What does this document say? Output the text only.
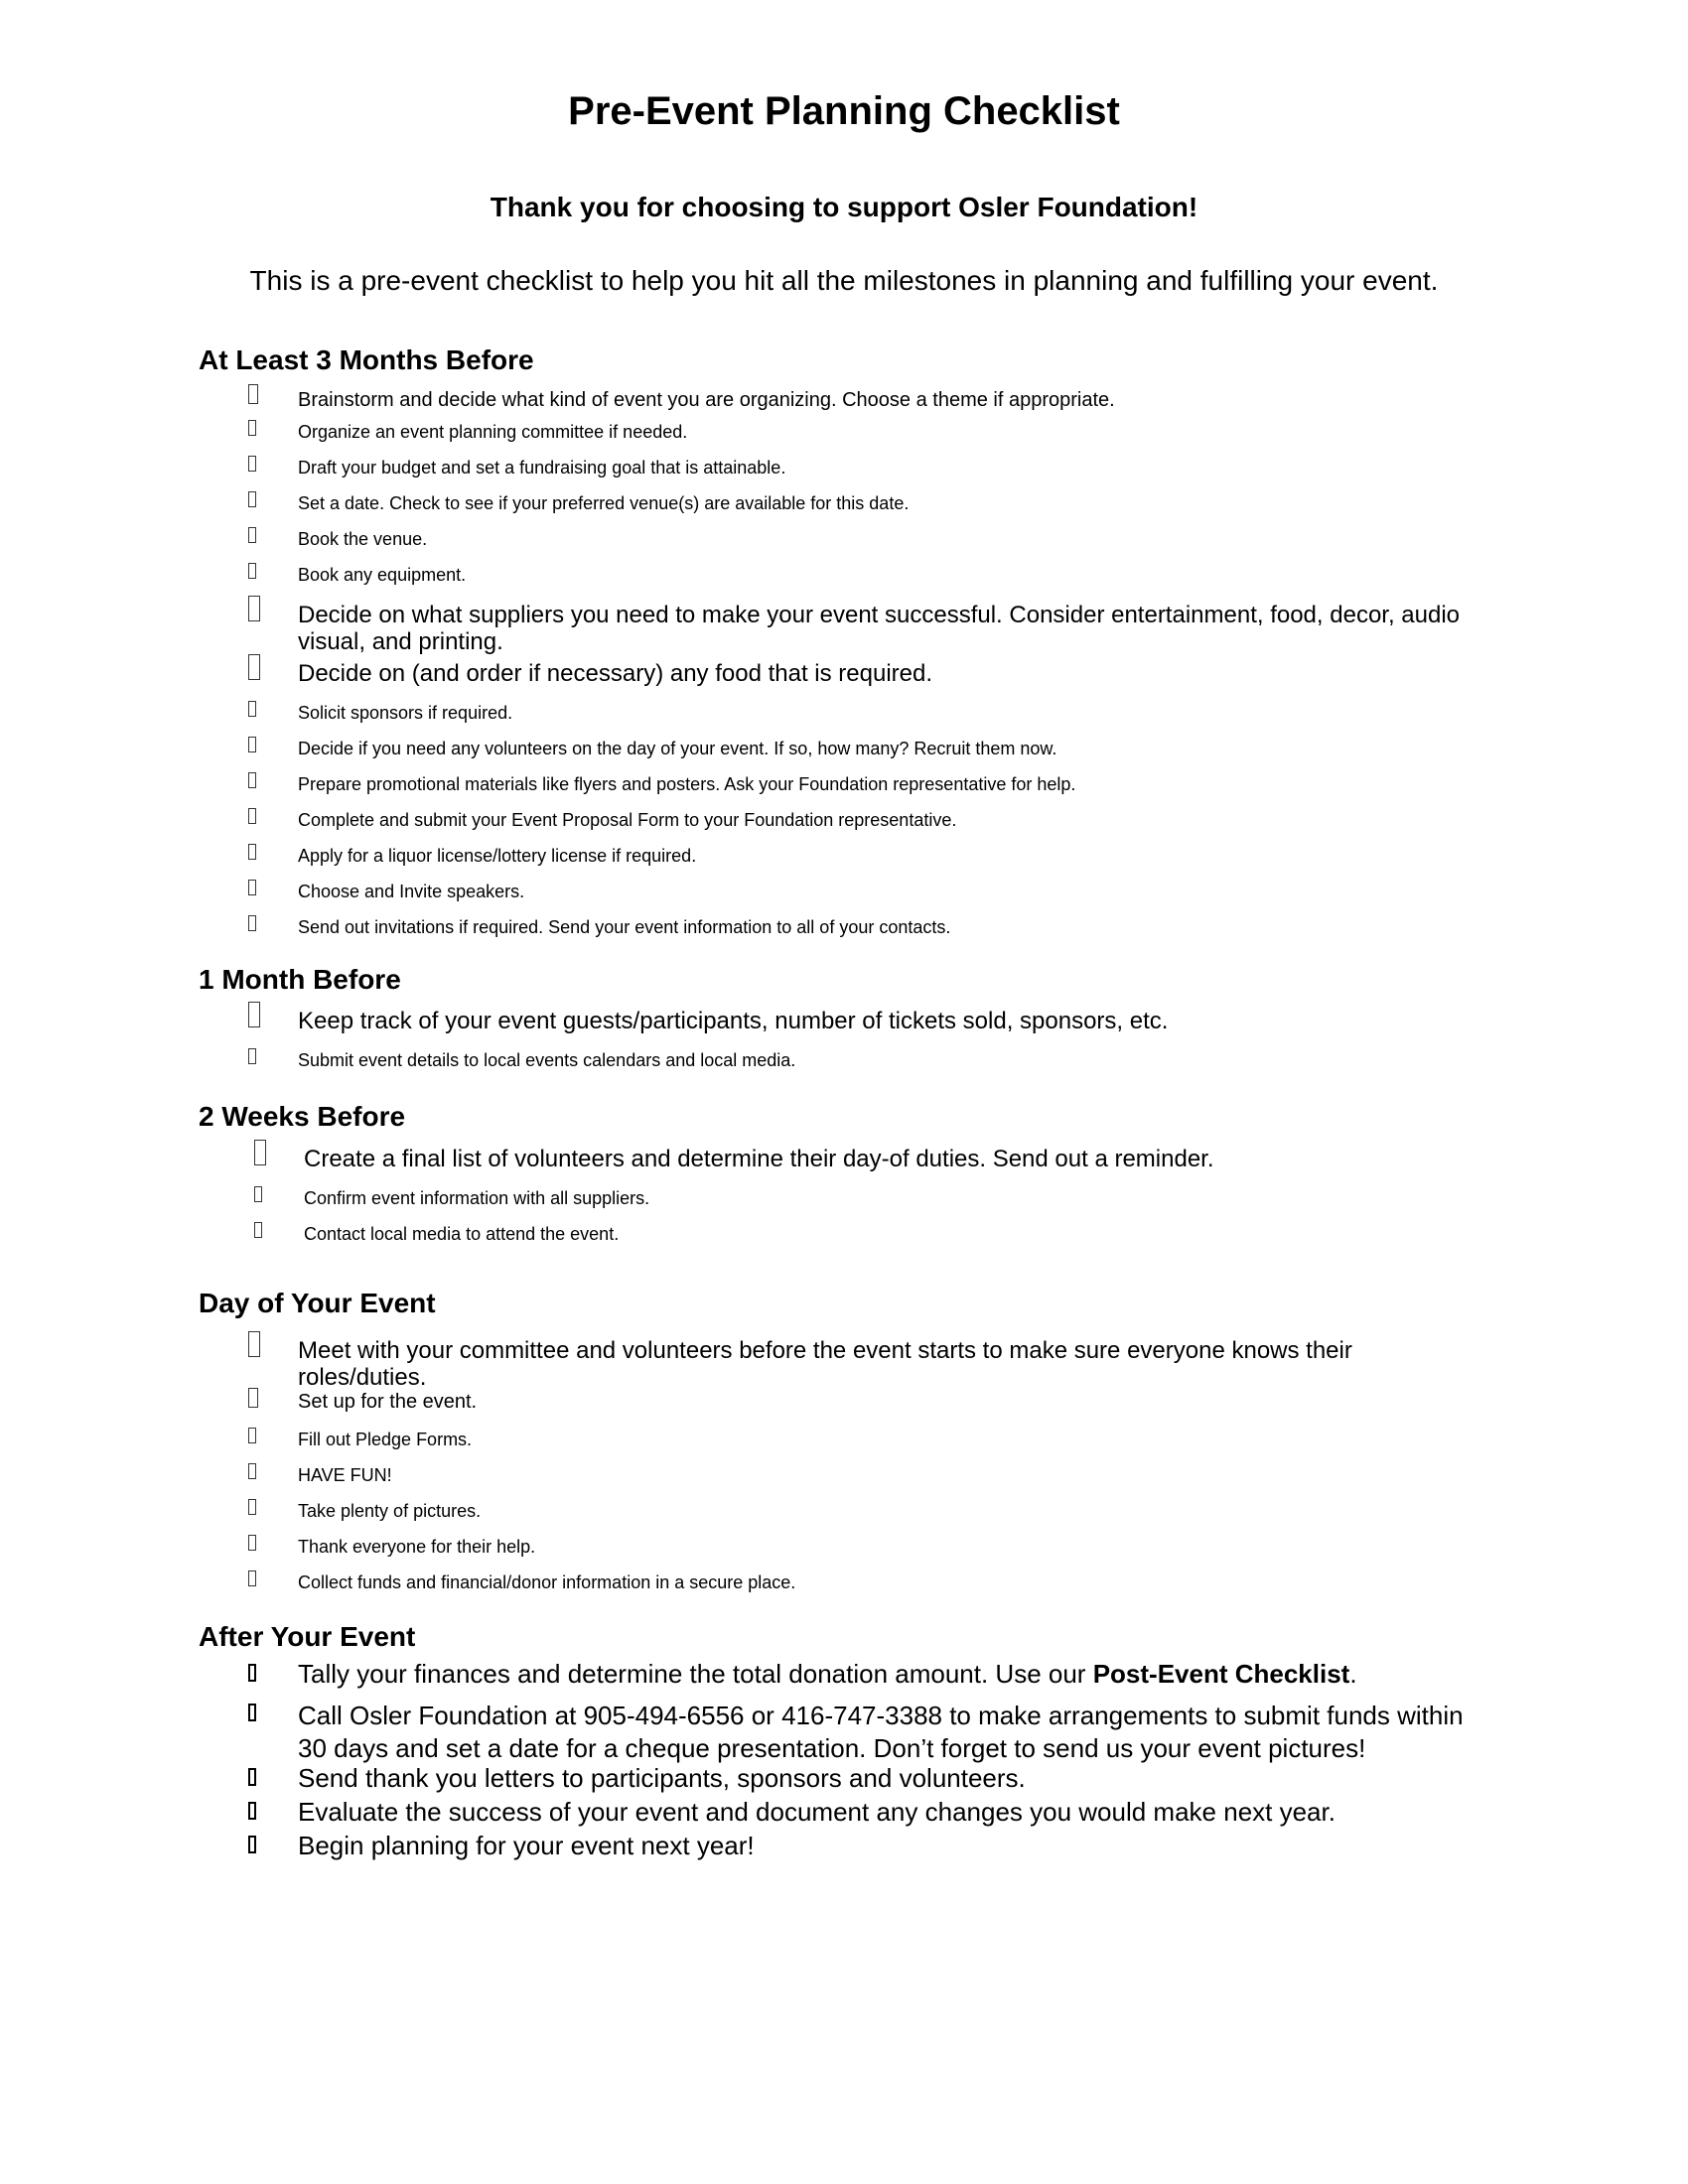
Pre-Event Planning Checklist

Thank you for choosing to support Osler Foundation!

This is a pre-event checklist to help you hit all the milestones in planning and fulfilling your event.

At Least 3 Months Before
Brainstorm and decide what kind of event you are organizing. Choose a theme if appropriate.
Organize an event planning committee if needed.
Draft your budget and set a fundraising goal that is attainable.
Set a date. Check to see if your preferred venue(s) are available for this date.
Book the venue.
Book any equipment.
Decide on what suppliers you need to make your event successful. Consider entertainment, food, decor, audio visual, and printing.
Decide on (and order if necessary) any food that is required.
Solicit sponsors if required.
Decide if you need any volunteers on the day of your event. If so, how many? Recruit them now.
Prepare promotional materials like flyers and posters. Ask your Foundation representative for help.
Complete and submit your Event Proposal Form to your Foundation representative.
Apply for a liquor license/lottery license if required.
Choose and Invite speakers.
Send out invitations if required. Send your event information to all of your contacts.
1 Month Before
Keep track of your event guests/participants, number of tickets sold, sponsors, etc.
Submit event details to local events calendars and local media.
2 Weeks Before
Create a final list of volunteers and determine their day-of duties. Send out a reminder.
Confirm event information with all suppliers.
Contact local media to attend the event.
Day of Your Event
Meet with your committee and volunteers before the event starts to make sure everyone knows their roles/duties.
Set up for the event.
Fill out Pledge Forms.
HAVE FUN!
Take plenty of pictures.
Thank everyone for their help.
Collect funds and financial/donor information in a secure place.
After Your Event
Tally your finances and determine the total donation amount. Use our Post-Event Checklist.
Call Osler Foundation at 905-494-6556 or 416-747-3388 to make arrangements to submit funds within 30 days and set a date for a cheque presentation. Don’t forget to send us your event pictures!
Send thank you letters to participants, sponsors and volunteers.
Evaluate the success of your event and document any changes you would make next year.
Begin planning for your event next year!
